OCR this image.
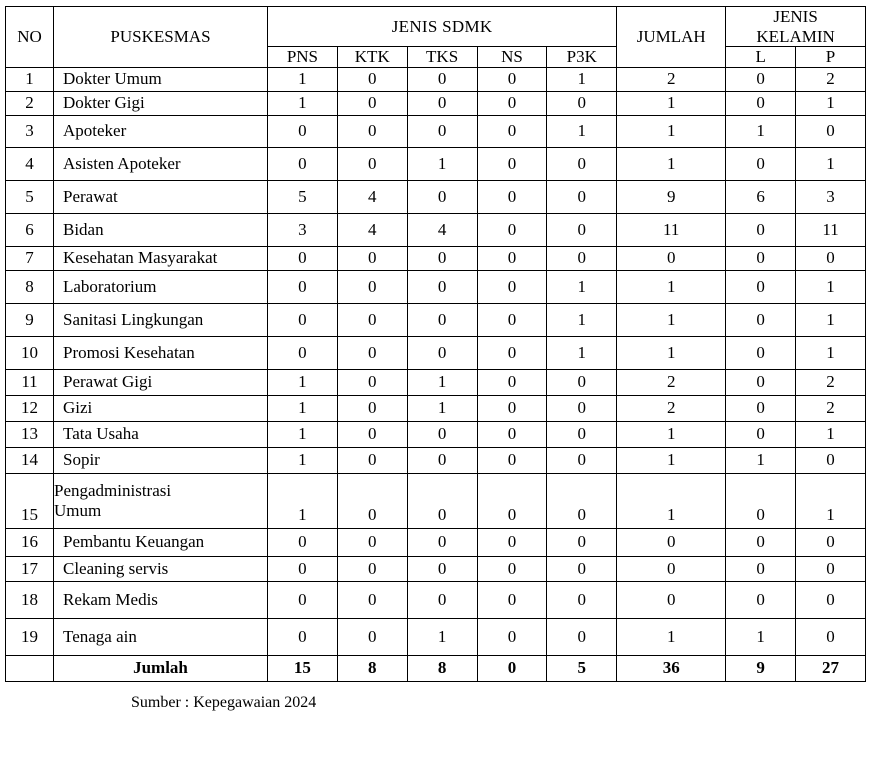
NO	PUSKESMAS	JENIS SDMK					JUMLAH	JENIS
KELAMIN	
		PNS	KTK	TKS	NS	P3K		L	P
1	Dokter Umum	1	0	0	0	1	2	0	2
2	Dokter Gigi	1	0	0	0	0	1	0	1
3	Apoteker	0	0	0	0	1	1	1	0
4	Asisten Apoteker	0	0	1	0	0	1	0	1
5	Perawat	5	4	0	0	0	9	6	3
6	Bidan	3	4	4	0	0	11	0	11
7	Kesehatan Masyarakat	0	0	0	0	0	0	0	0
8	Laboratorium	0	0	0	0	1	1	0	1
9	Sanitasi Lingkungan	0	0	0	0	1	1	0	1
10	Promosi Kesehatan	0	0	0	0	1	1	0	1
11	Perawat Gigi	1	0	1	0	0	2	0	2
12	Gizi	1	0	1	0	0	2	0	2
13	Tata Usaha	1	0	0	0	0	1	0	1
14	Sopir	1	0	0	0	0	1	1	0
15	Pengadministrasi
Umum	1	0	0	0	0	1	0	1
16	Pembantu Keuangan	0	0	0	0	0	0	0	0
17	Cleaning servis	0	0	0	0	0	0	0	0
18	Rekam Medis	0	0	0	0	0	0	0	0
19	Tenaga ain	0	0	1	0	0	1	1	0
	Jumlah	15	8	8	0	5	36	9	27
Sumber : Kepegawaian 2024
